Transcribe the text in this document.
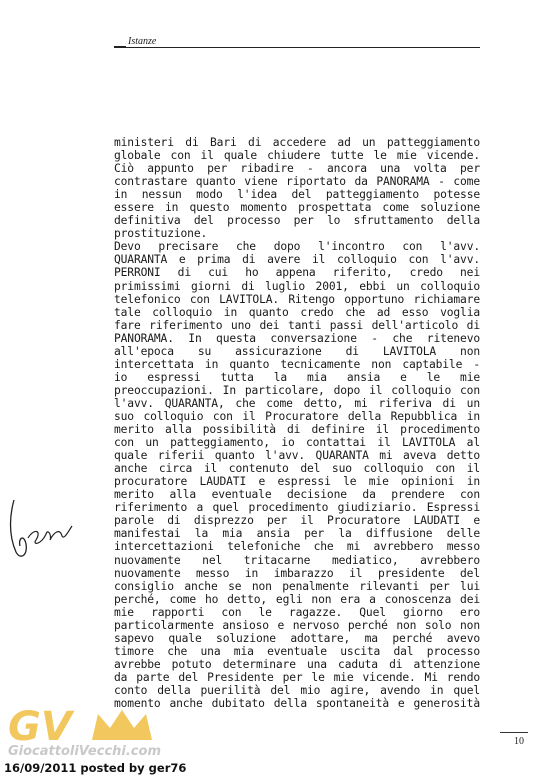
Istanze

ministeri di Bari di accedere ad un patteggiamento

globale con il quale chiudere tutte le mie vicende.

Ciò appunto per ribadire - ancora una volta per

contrastare quanto viene riportato da PANORAMA - come

in nessun modo l'idea del patteggiamento potesse

essere in questo momento prospettata come soluzione

definitiva del processo per lo sfruttamento della

prostituzione.

Devo precisare che dopo l'incontro con l'avv.

QUARANTA e prima di avere il colloquio con l'avv.

PERRONI di cui ho appena riferito, credo nei

primissimi giorni di luglio 2001, ebbi un colloquio

telefonico con LAVITOLA. Ritengo opportuno richiamare

tale colloquio in quanto credo che ad esso voglia

fare riferimento uno dei tanti passi dell'articolo di

PANORAMA. In questa conversazione - che ritenevo

all'epoca su assicurazione di LAVITOLA non

intercettata in quanto tecnicamente non captabile -

io espressi tutta la mia ansia e le mie

preoccupazioni. In particolare, dopo il colloquio con

l'avv. QUARANTA, che come detto, mi riferiva di un

suo colloquio con il Procuratore della Repubblica in

merito alla possibilità di definire il procedimento

con un patteggiamento, io contattai il LAVITOLA al

quale riferii quanto l'avv. QUARANTA mi aveva detto

anche circa il contenuto del suo colloquio con il

procuratore LAUDATI e espressi le mie opinioni in

merito alla eventuale decisione da prendere con

riferimento a quel procedimento giudiziario. Espressi

parole di disprezzo per il Procuratore LAUDATI e

manifestai la mia ansia per la diffusione delle

intercettazioni telefoniche che mi avrebbero messo

nuovamente nel tritacarne mediatico, avrebbero

nuovamente messo in imbarazzo il presidente del

consiglio anche se non penalmente rilevanti per lui

perché, come ho detto, egli non era a conoscenza dei

mie rapporti con le ragazze. Quel giorno ero

particolarmente ansioso e nervoso perché non solo non

sapevo quale soluzione adottare, ma perché avevo

timore che una mia eventuale uscita dal processo

avrebbe potuto determinare una caduta di attenzione

da parte del Presidente per le mie vicende. Mi rendo

conto della puerilità del mio agire, avendo in quel

momento anche dubitato della spontaneità e generosità

10
GV
GiocattoliVecchi.com
16/09/2011 posted by ger76
